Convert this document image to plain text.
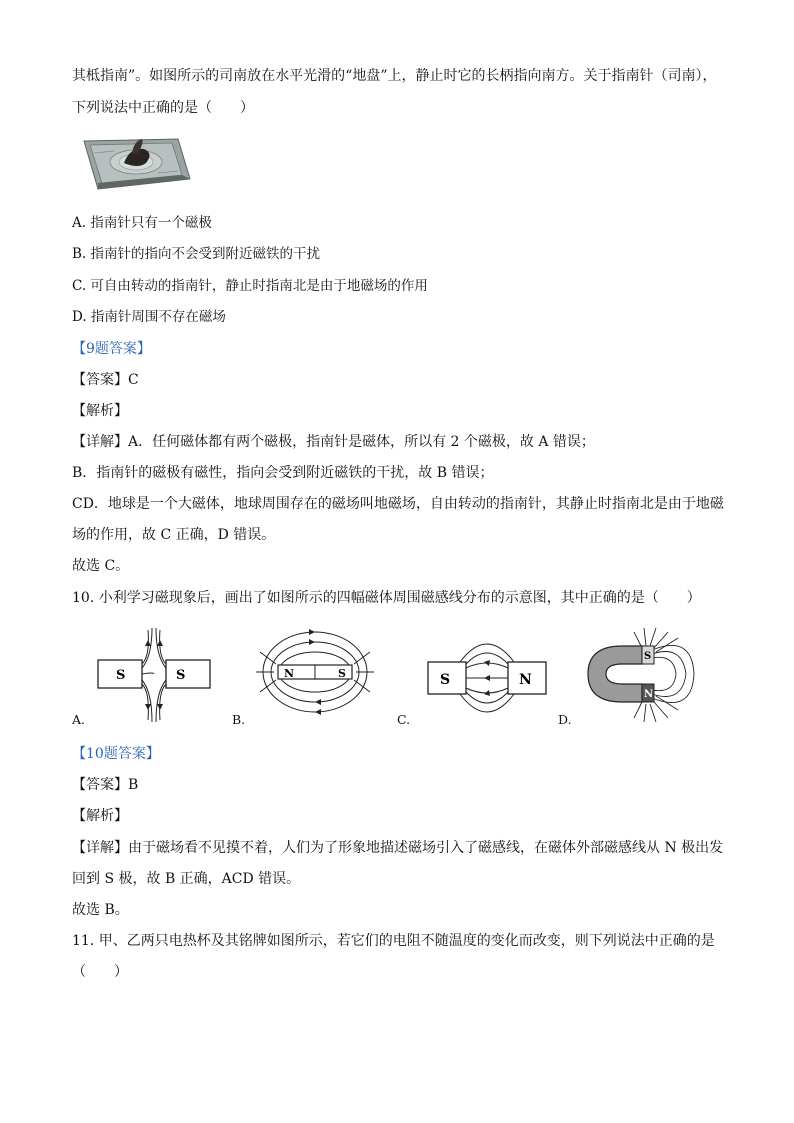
其柢指南”。如图所示的司南放在水平光滑的“地盘”上，静止时它的长柄指向南方。关于指南针（司南），
下列说法中正确的是（　　）
A. 指南针只有一个磁极
B. 指南针的指向不会受到附近磁铁的干扰
C. 可自由转动的指南针，静止时指南北是由于地磁场的作用
D. 指南针周围不存在磁场
【9题答案】
【答案】C
【解析】
【详解】A．任何磁体都有两个磁极，指南针是磁体，所以有 2 个磁极，故 A 错误；
B．指南针的磁极有磁性，指向会受到附近磁铁的干扰，故 B 错误；
CD．地球是一个大磁体，地球周围存在的磁场叫地磁场，自由转动的指南针，其静止时指南北是由于地磁
场的作用，故 C 正确，D 错误。
故选 C。
10. 小利学习磁现象后，画出了如图所示的四幅磁体周围磁感线分布的示意图，其中正确的是（　　）
S	S
A.
N	S
B.
S	N
C.
S
N
D.
【10题答案】
【答案】B
【解析】
【详解】由于磁场看不见摸不着，人们为了形象地描述磁场引入了磁感线，在磁体外部磁感线从 N 极出发
回到 S 极，故 B 正确，ACD 错误。
故选 B。
11. 甲、乙两只电热杯及其铭牌如图所示，若它们的电阻不随温度的变化而改变，则下列说法中正确的是
（　　）
